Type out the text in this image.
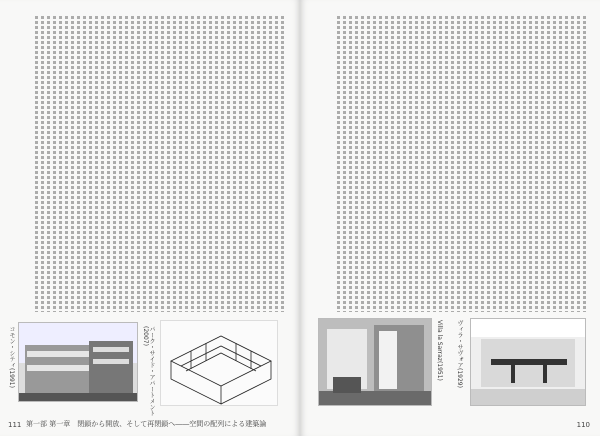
コモン・シティ(1991)	パーク・サイド・アパートメント(2007)
111 第一部 第一章　閉鎖から開放、そして再閉鎖へ――空間の配列による建築論
Villa la Sarraz(1951) ヴィラ・サヴォア(1929)
110
